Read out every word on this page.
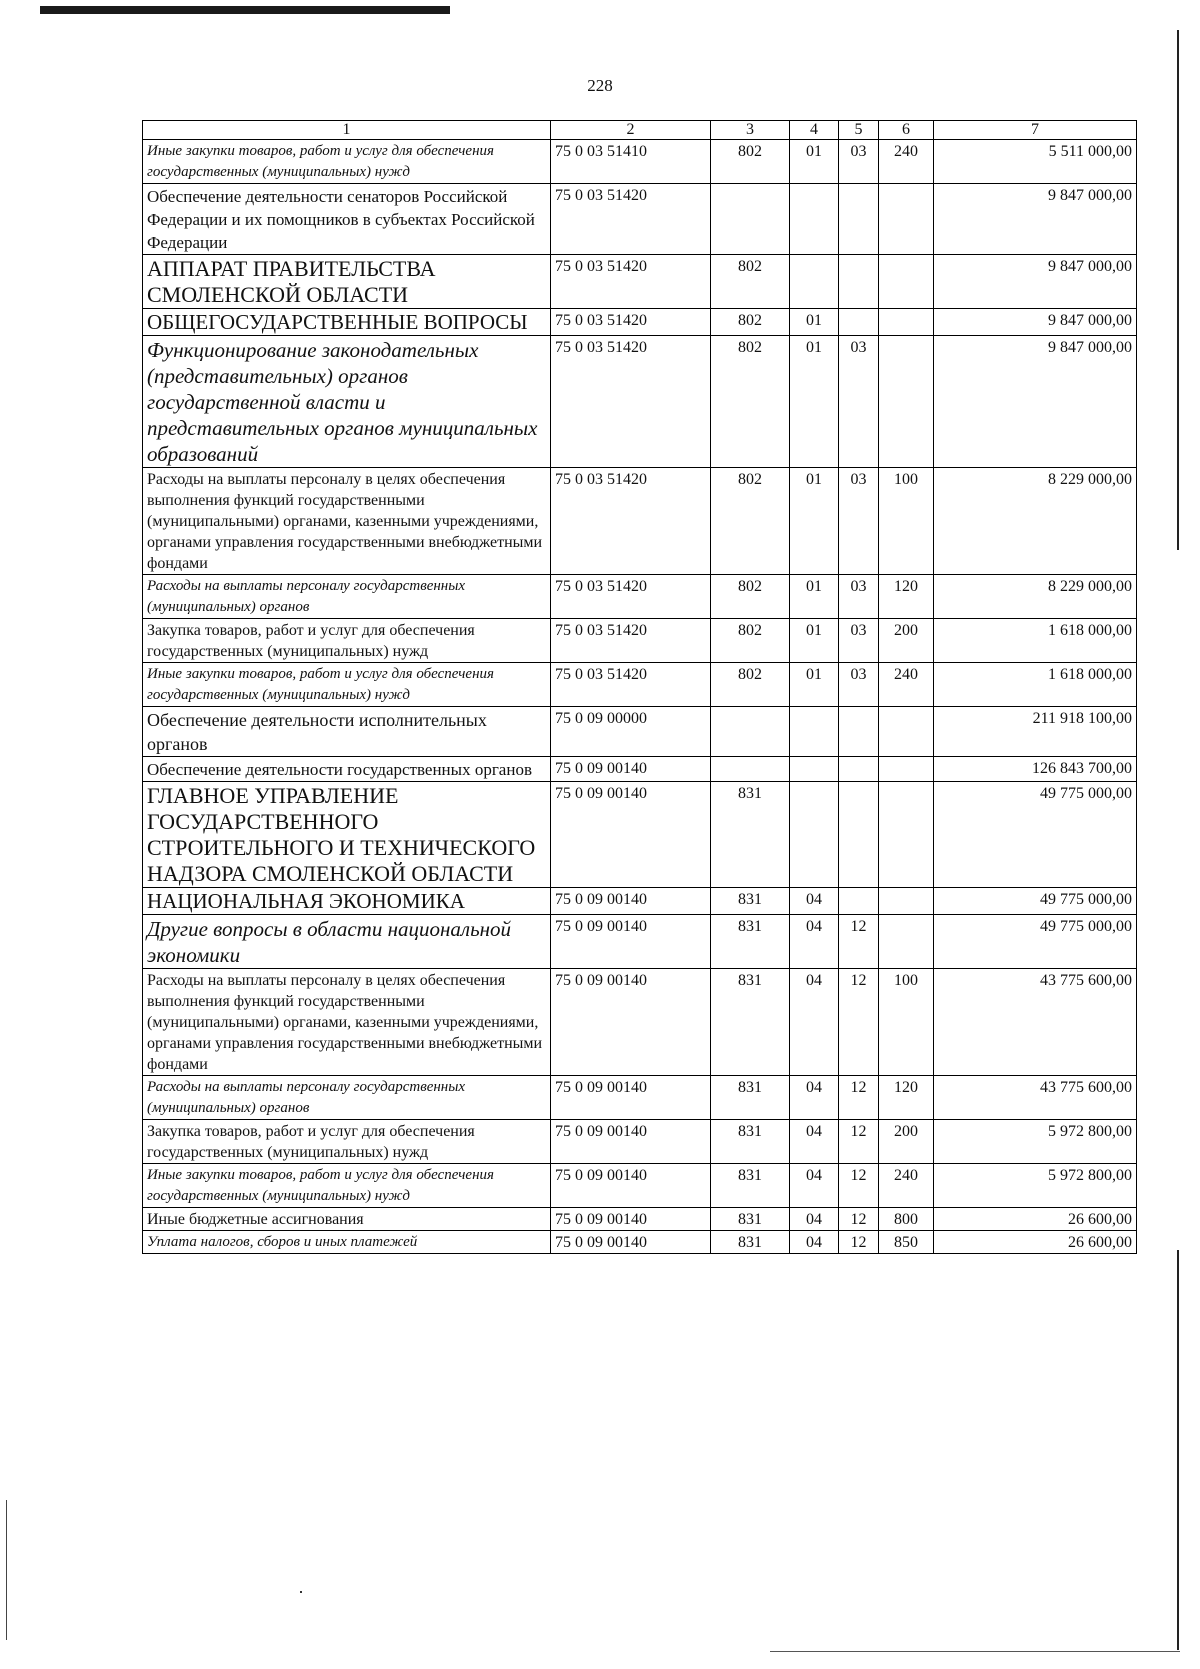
228
1	2	3	4	5	6	7
Иные закупки товаров, работ и услуг для обеспечения государственных (муниципальных) нужд	75 0 03 51410	802	01	03	240	5 511 000,00
Обеспечение деятельности сенаторов Российской Федерации и их помощников в субъектах Российской Федерации	75 0 03 51420					9 847 000,00
АППАРАТ ПРАВИТЕЛЬСТВА СМОЛЕНСКОЙ ОБЛАСТИ	75 0 03 51420	802				9 847 000,00
ОБЩЕГОСУДАРСТВЕННЫЕ ВОПРОСЫ	75 0 03 51420	802	01			9 847 000,00
Функционирование законодательных (представительных) органов государственной власти и представительных органов муниципальных образований	75 0 03 51420	802	01	03		9 847 000,00
Расходы на выплаты персоналу в целях обеспечения выполнения функций государственными (муниципальными) органами, казенными учреждениями, органами управления государственными внебюджетными фондами	75 0 03 51420	802	01	03	100	8 229 000,00
Расходы на выплаты персоналу государственных (муниципальных) органов	75 0 03 51420	802	01	03	120	8 229 000,00
Закупка товаров, работ и услуг для обеспечения государственных (муниципальных) нужд	75 0 03 51420	802	01	03	200	1 618 000,00
Иные закупки товаров, работ и услуг для обеспечения государственных (муниципальных) нужд	75 0 03 51420	802	01	03	240	1 618 000,00
Обеспечение деятельности исполнительных органов	75 0 09 00000					211 918 100,00
Обеспечение деятельности государственных органов	75 0 09 00140					126 843 700,00
ГЛАВНОЕ УПРАВЛЕНИЕ ГОСУДАРСТВЕННОГО СТРОИТЕЛЬНОГО И ТЕХНИЧЕСКОГО НАДЗОРА СМОЛЕНСКОЙ ОБЛАСТИ	75 0 09 00140	831				49 775 000,00
НАЦИОНАЛЬНАЯ ЭКОНОМИКА	75 0 09 00140	831	04			49 775 000,00
Другие вопросы в области национальной экономики	75 0 09 00140	831	04	12		49 775 000,00
Расходы на выплаты персоналу в целях обеспечения выполнения функций государственными (муниципальными) органами, казенными учреждениями, органами управления государственными внебюджетными фондами	75 0 09 00140	831	04	12	100	43 775 600,00
Расходы на выплаты персоналу государственных (муниципальных) органов	75 0 09 00140	831	04	12	120	43 775 600,00
Закупка товаров, работ и услуг для обеспечения государственных (муниципальных) нужд	75 0 09 00140	831	04	12	200	5 972 800,00
Иные закупки товаров, работ и услуг для обеспечения государственных (муниципальных) нужд	75 0 09 00140	831	04	12	240	5 972 800,00
Иные бюджетные ассигнования	75 0 09 00140	831	04	12	800	26 600,00
Уплата налогов, сборов и иных платежей	75 0 09 00140	831	04	12	850	26 600,00
